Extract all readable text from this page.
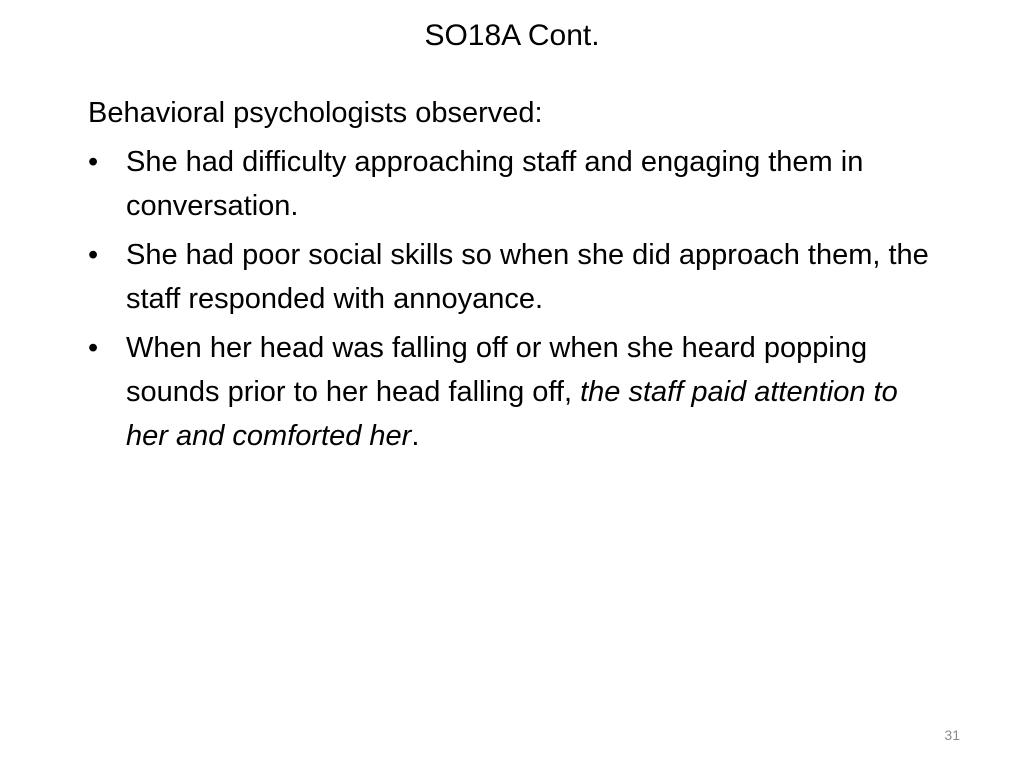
SO18A Cont.
Behavioral psychologists observed:
• She had difficulty approaching staff and engaging them in conversation.
• She had poor social skills so when she did approach them, the staff responded with annoyance.
• When her head was falling off or when she heard popping sounds prior to her head falling off, the staff paid attention to her and comforted her.
31
